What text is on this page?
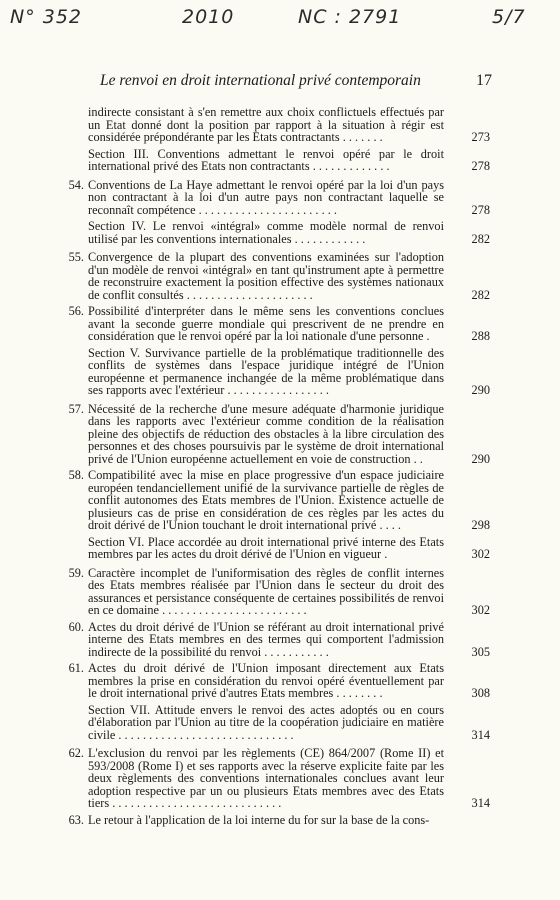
N° 352	2010	NC : 2791	5/7
Le renvoi en droit international privé contemporain	17
indirecte consistant à s'en remettre aux choix conflictuels effectués par un Etat donné dont la position par rapport à la situation à régir est considérée prépondérante par les Etats contractants . . . . . . .	273
Section III. Conventions admettant le renvoi opéré par le droit international privé des Etats non contractants . . . . . . . . . . . . .	278
54. Conventions de La Haye admettant le renvoi opéré par la loi d'un pays non contractant à la loi d'un autre pays non contractant laquelle se reconnaît compétence . . . . . . . . . . . . . . . . . . . . . . .	278
Section IV. Le renvoi «intégral» comme modèle normal de renvoi utilisé par les conventions internationales . . . . . . . . . . . .	282
55. Convergence de la plupart des conventions examinées sur l'adoption d'un modèle de renvoi «intégral» en tant qu'instrument apte à permettre de reconstruire exactement la position effective des systèmes nationaux de conflit consultés . . . . . . . . . . . . . . . . . . . . .	282
56. Possibilité d'interpréter dans le même sens les conventions conclues avant la seconde guerre mondiale qui prescrivent de ne prendre en considération que le renvoi opéré par la loi nationale d'une personne .	288
Section V. Survivance partielle de la problématique traditionnelle des conflits de systèmes dans l'espace juridique intégré de l'Union européenne et permanence inchangée de la même problématique dans ses rapports avec l'extérieur . . . . . . . . . . . . . . . . .	290
57. Nécessité de la recherche d'une mesure adéquate d'harmonie juridique dans les rapports avec l'extérieur comme condition de la réalisation pleine des objectifs de réduction des obstacles à la libre circulation des personnes et des choses poursuivis par le système de droit international privé de l'Union européenne actuellement en voie de construction . .	290
58. Compatibilité avec la mise en place progressive d'un espace judiciaire européen tendanciellement unifié de la survivance partielle de règles de conflit autonomes des Etats membres de l'Union. Existence actuelle de plusieurs cas de prise en considération de ces règles par les actes du droit dérivé de l'Union touchant le droit international privé . . . .	298
Section VI. Place accordée au droit international privé interne des Etats membres par les actes du droit dérivé de l'Union en vigueur .	302
59. Caractère incomplet de l'uniformisation des règles de conflit internes des Etats membres réalisée par l'Union dans le secteur du droit des assurances et persistance conséquente de certaines possibilités de renvoi en ce domaine . . . . . . . . . . . . . . . . . . . . . . . .	302
60. Actes du droit dérivé de l'Union se référant au droit international privé interne des Etats membres en des termes qui comportent l'admission indirecte de la possibilité du renvoi . . . . . . . . . . .	305
61. Actes du droit dérivé de l'Union imposant directement aux Etats membres la prise en considération du renvoi opéré éventuellement par le droit international privé d'autres Etats membres . . . . . . . .	308
Section VII. Attitude envers le renvoi des actes adoptés ou en cours d'élaboration par l'Union au titre de la coopération judiciaire en matière civile . . . . . . . . . . . . . . . . . . . . . . . . . . . . .	314
62. L'exclusion du renvoi par les règlements (CE) 864/2007 (Rome II) et 593/2008 (Rome I) et ses rapports avec la réserve explicite faite par les deux règlements des conventions internationales conclues avant leur adoption respective par un ou plusieurs Etats membres avec des Etats tiers . . . . . . . . . . . . . . . . . . . . . . . . . . . .	314
63. Le retour à l'application de la loi interne du for sur la base de la cons-
